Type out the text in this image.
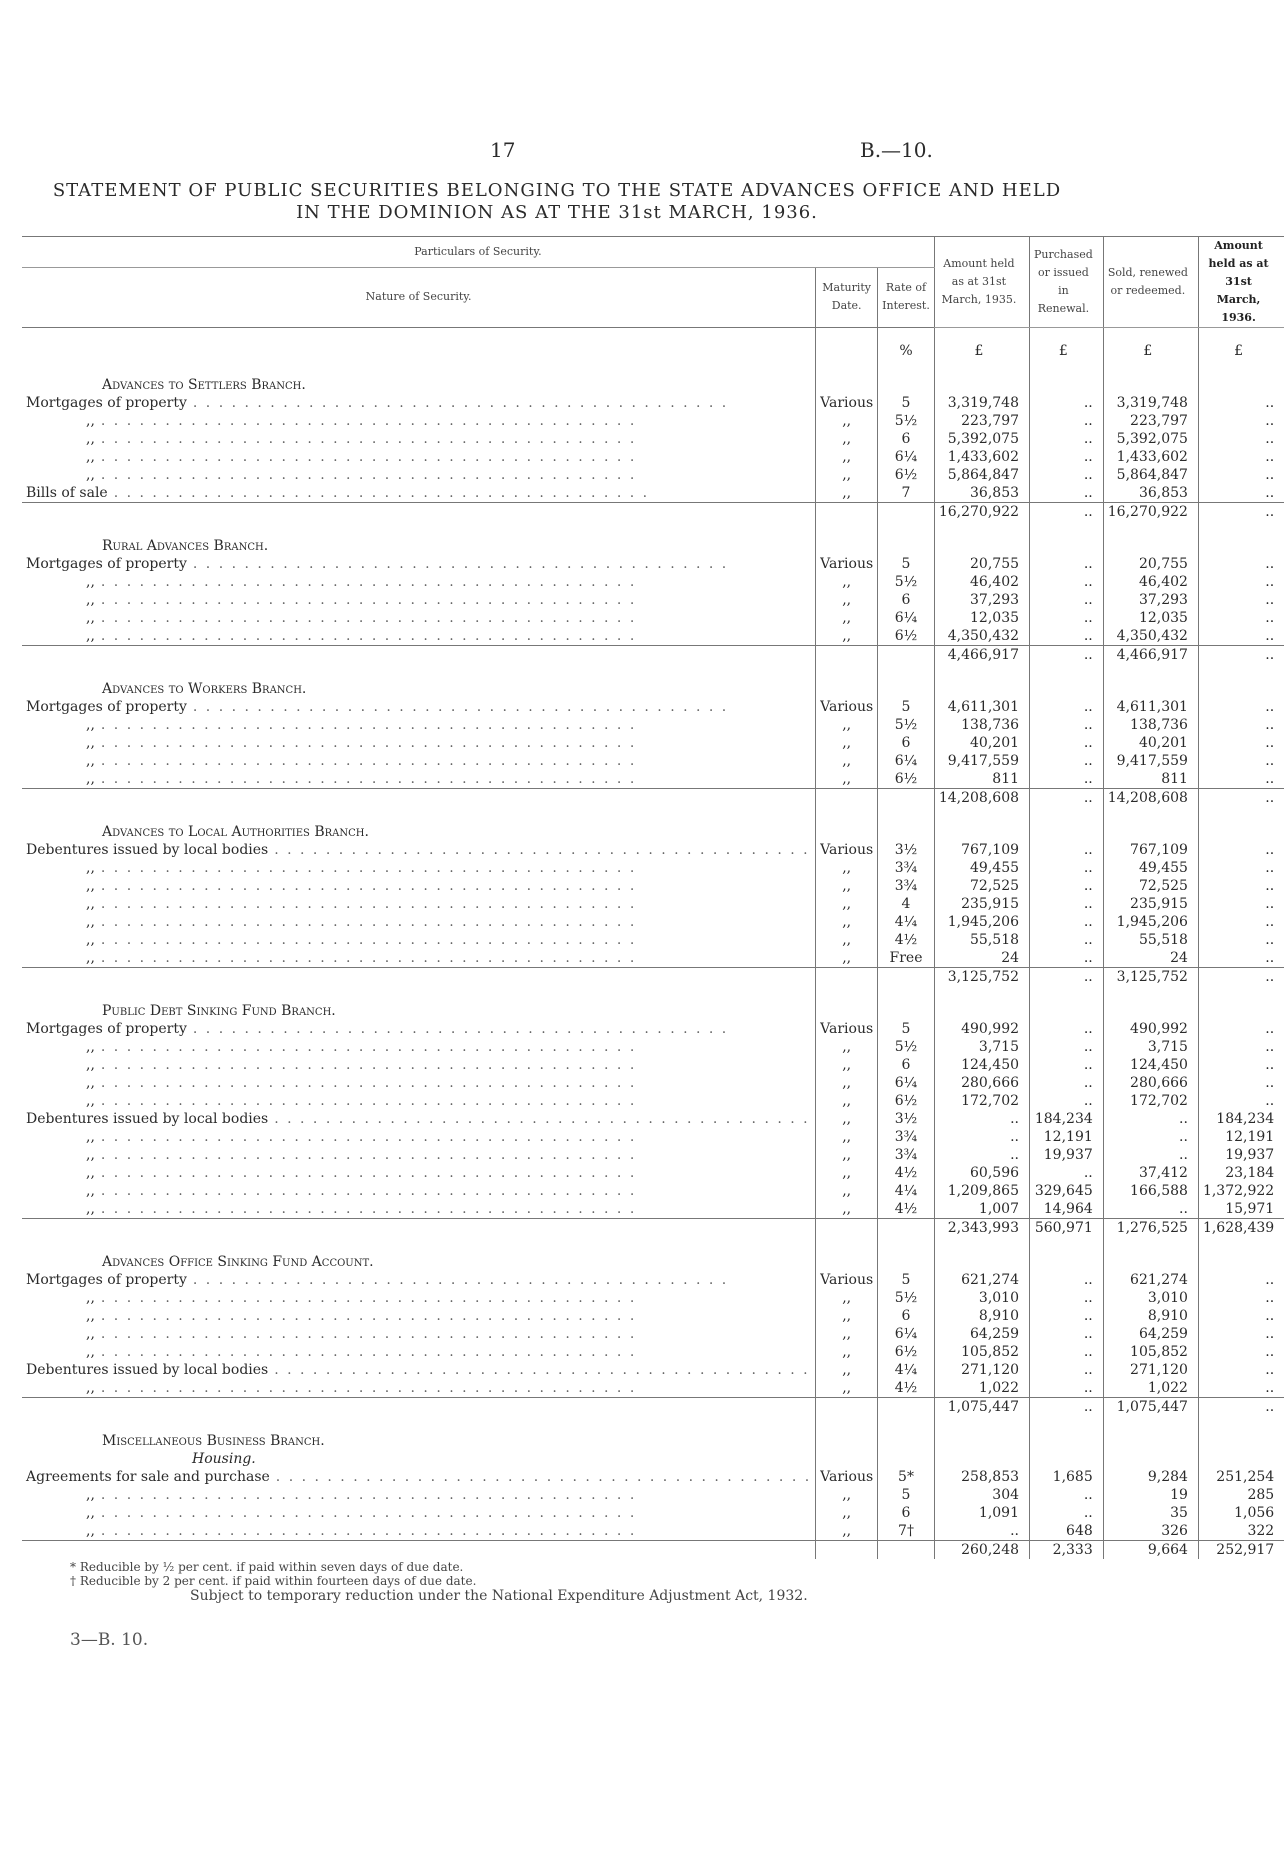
17	B.—10.
STATEMENT OF PUBLIC SECURITIES BELONGING TO THE STATE ADVANCES OFFICE AND HELD
IN THE DOMINION AS AT THE 31st MARCH, 1936.
Particulars of Security.			Amount held as at 31st March, 1935.	Purchased or issued in Renewal.	Sold, renewed or redeemed.	Amount held as at 31st March, 1936.
Nature of Security.	Maturity Date.	Rate of Interest.				
		%	£	£	£	£
Advances to Settlers Branch.						

Mortgages of property . . . . . . . . . . . . . . . . . . . . . . . . . . . . . . . . . . . . . . . . . .	Various	5	3,319,748	..	3,319,748	..

,, . . . . . . . . . . . . . . . . . . . . . . . . . . . . . . . . . . . . . . . . . .	,,	5½	223,797	..	223,797	..

,, . . . . . . . . . . . . . . . . . . . . . . . . . . . . . . . . . . . . . . . . . .	,,	6	5,392,075	..	5,392,075	..

,, . . . . . . . . . . . . . . . . . . . . . . . . . . . . . . . . . . . . . . . . . .	,,	6¼	1,433,602	..	1,433,602	..

,, . . . . . . . . . . . . . . . . . . . . . . . . . . . . . . . . . . . . . . . . . .	,,	6½	5,864,847	..	5,864,847	..

Bills of sale . . . . . . . . . . . . . . . . . . . . . . . . . . . . . . . . . . . . . . . . . .	,,	7	36,853	..	36,853	..
			16,270,922	..	16,270,922	..
Rural Advances Branch.						

Mortgages of property . . . . . . . . . . . . . . . . . . . . . . . . . . . . . . . . . . . . . . . . . .	Various	5	20,755	..	20,755	..

,, . . . . . . . . . . . . . . . . . . . . . . . . . . . . . . . . . . . . . . . . . .	,,	5½	46,402	..	46,402	..

,, . . . . . . . . . . . . . . . . . . . . . . . . . . . . . . . . . . . . . . . . . .	,,	6	37,293	..	37,293	..

,, . . . . . . . . . . . . . . . . . . . . . . . . . . . . . . . . . . . . . . . . . .	,,	6¼	12,035	..	12,035	..

,, . . . . . . . . . . . . . . . . . . . . . . . . . . . . . . . . . . . . . . . . . .	,,	6½	4,350,432	..	4,350,432	..
			4,466,917	..	4,466,917	..
Advances to Workers Branch.						

Mortgages of property . . . . . . . . . . . . . . . . . . . . . . . . . . . . . . . . . . . . . . . . . .	Various	5	4,611,301	..	4,611,301	..

,, . . . . . . . . . . . . . . . . . . . . . . . . . . . . . . . . . . . . . . . . . .	,,	5½	138,736	..	138,736	..

,, . . . . . . . . . . . . . . . . . . . . . . . . . . . . . . . . . . . . . . . . . .	,,	6	40,201	..	40,201	..

,, . . . . . . . . . . . . . . . . . . . . . . . . . . . . . . . . . . . . . . . . . .	,,	6¼	9,417,559	..	9,417,559	..

,, . . . . . . . . . . . . . . . . . . . . . . . . . . . . . . . . . . . . . . . . . .	,,	6½	811	..	811	..
			14,208,608	..	14,208,608	..
Advances to Local Authorities Branch.						

Debentures issued by local bodies . . . . . . . . . . . . . . . . . . . . . . . . . . . . . . . . . . . . . . . . . .	Various	3½	767,109	..	767,109	..

,, . . . . . . . . . . . . . . . . . . . . . . . . . . . . . . . . . . . . . . . . . .	,,	3¾	49,455	..	49,455	..

,, . . . . . . . . . . . . . . . . . . . . . . . . . . . . . . . . . . . . . . . . . .	,,	3¾	72,525	..	72,525	..

,, . . . . . . . . . . . . . . . . . . . . . . . . . . . . . . . . . . . . . . . . . .	,,	4	235,915	..	235,915	..

,, . . . . . . . . . . . . . . . . . . . . . . . . . . . . . . . . . . . . . . . . . .	,,	4¼	1,945,206	..	1,945,206	..

,, . . . . . . . . . . . . . . . . . . . . . . . . . . . . . . . . . . . . . . . . . .	,,	4½	55,518	..	55,518	..

,, . . . . . . . . . . . . . . . . . . . . . . . . . . . . . . . . . . . . . . . . . .	,,	Free	24	..	24	..
			3,125,752	..	3,125,752	..
Public Debt Sinking Fund Branch.						

Mortgages of property . . . . . . . . . . . . . . . . . . . . . . . . . . . . . . . . . . . . . . . . . .	Various	5	490,992	..	490,992	..

,, . . . . . . . . . . . . . . . . . . . . . . . . . . . . . . . . . . . . . . . . . .	,,	5½	3,715	..	3,715	..

,, . . . . . . . . . . . . . . . . . . . . . . . . . . . . . . . . . . . . . . . . . .	,,	6	124,450	..	124,450	..

,, . . . . . . . . . . . . . . . . . . . . . . . . . . . . . . . . . . . . . . . . . .	,,	6¼	280,666	..	280,666	..

,, . . . . . . . . . . . . . . . . . . . . . . . . . . . . . . . . . . . . . . . . . .	,,	6½	172,702	..	172,702	..

Debentures issued by local bodies . . . . . . . . . . . . . . . . . . . . . . . . . . . . . . . . . . . . . . . . . .	,,	3½	..	184,234	..	184,234

,, . . . . . . . . . . . . . . . . . . . . . . . . . . . . . . . . . . . . . . . . . .	,,	3¾	..	12,191	..	12,191

,, . . . . . . . . . . . . . . . . . . . . . . . . . . . . . . . . . . . . . . . . . .	,,	3¾	..	19,937	..	19,937

,, . . . . . . . . . . . . . . . . . . . . . . . . . . . . . . . . . . . . . . . . . .	,,	4½	60,596	..	37,412	23,184

,, . . . . . . . . . . . . . . . . . . . . . . . . . . . . . . . . . . . . . . . . . .	,,	4¼	1,209,865	329,645	166,588	1,372,922

,, . . . . . . . . . . . . . . . . . . . . . . . . . . . . . . . . . . . . . . . . . .	,,	4½	1,007	14,964	..	15,971
			2,343,993	560,971	1,276,525	1,628,439
Advances Office Sinking Fund Account.						

Mortgages of property . . . . . . . . . . . . . . . . . . . . . . . . . . . . . . . . . . . . . . . . . .	Various	5	621,274	..	621,274	..

,, . . . . . . . . . . . . . . . . . . . . . . . . . . . . . . . . . . . . . . . . . .	,,	5½	3,010	..	3,010	..

,, . . . . . . . . . . . . . . . . . . . . . . . . . . . . . . . . . . . . . . . . . .	,,	6	8,910	..	8,910	..

,, . . . . . . . . . . . . . . . . . . . . . . . . . . . . . . . . . . . . . . . . . .	,,	6¼	64,259	..	64,259	..

,, . . . . . . . . . . . . . . . . . . . . . . . . . . . . . . . . . . . . . . . . . .	,,	6½	105,852	..	105,852	..

Debentures issued by local bodies . . . . . . . . . . . . . . . . . . . . . . . . . . . . . . . . . . . . . . . . . .	,,	4¼	271,120	..	271,120	..

,, . . . . . . . . . . . . . . . . . . . . . . . . . . . . . . . . . . . . . . . . . .	,,	4½	1,022	..	1,022	..
			1,075,447	..	1,075,447	..
Miscellaneous Business Branch.						
Housing.						

Agreements for sale and purchase . . . . . . . . . . . . . . . . . . . . . . . . . . . . . . . . . . . . . . . . . .	Various	5*	258,853	1,685	9,284	251,254

,, . . . . . . . . . . . . . . . . . . . . . . . . . . . . . . . . . . . . . . . . . .	,,	5	304	..	19	285

,, . . . . . . . . . . . . . . . . . . . . . . . . . . . . . . . . . . . . . . . . . .	,,	6	1,091	..	35	1,056

,, . . . . . . . . . . . . . . . . . . . . . . . . . . . . . . . . . . . . . . . . . .	,,	7†	..	648	326	322
			260,248	2,333	9,664	252,917
* Reducible by ½ per cent. if paid within seven days of due date. † Reducible by 2 per cent. if paid within fourteen days of due date.
Subject to temporary reduction under the National Expenditure Adjustment Act, 1932.
3—B. 10.
